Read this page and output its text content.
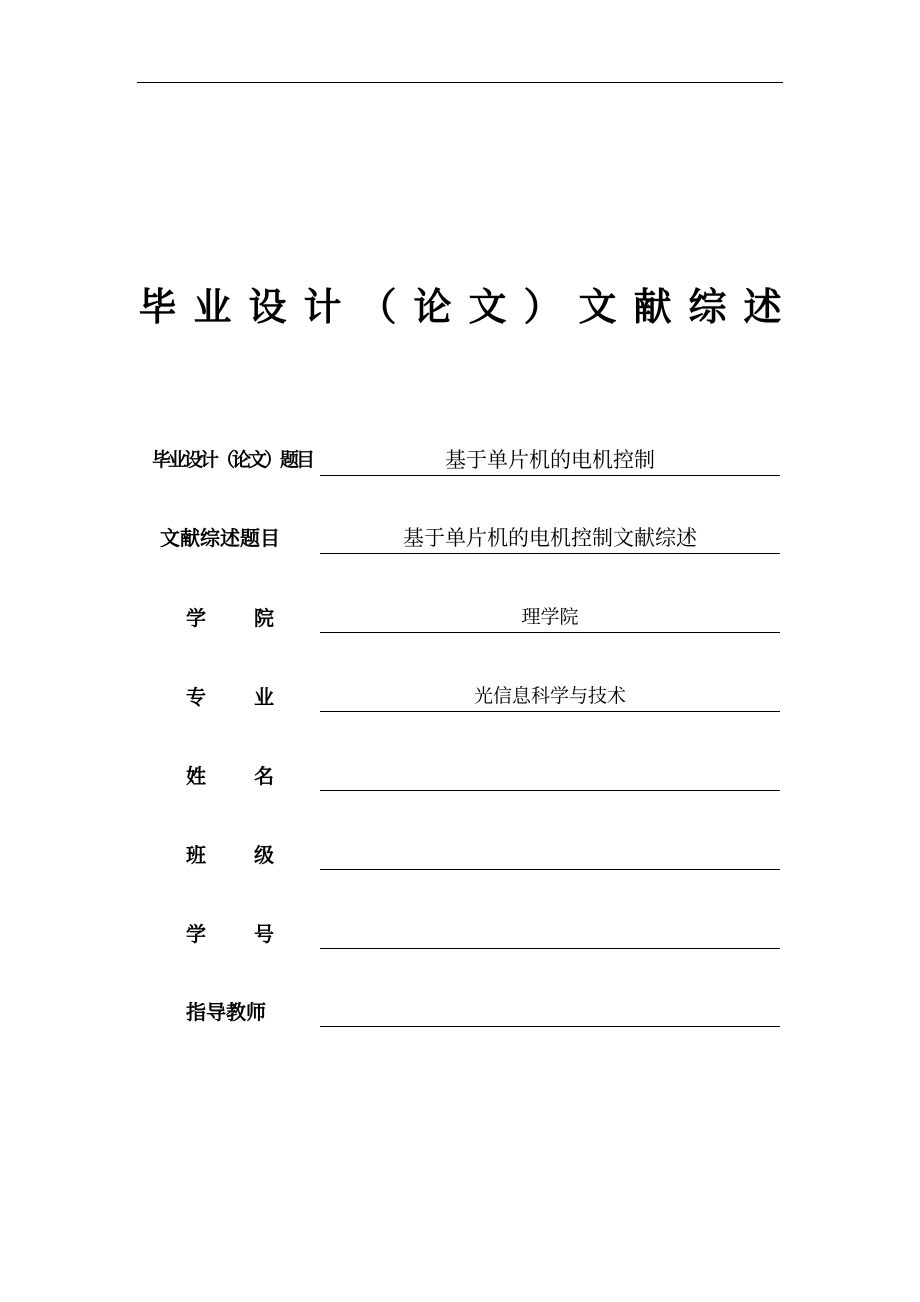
毕业设计（论文）文献综述
毕业设计（论文）题目	基于单片机的电机控制
文献综述题目	基于单片机的电机控制文献综述
学 院	理学院
专 业	光信息科学与技术
姓 名
班 级
学 号
指导教师
